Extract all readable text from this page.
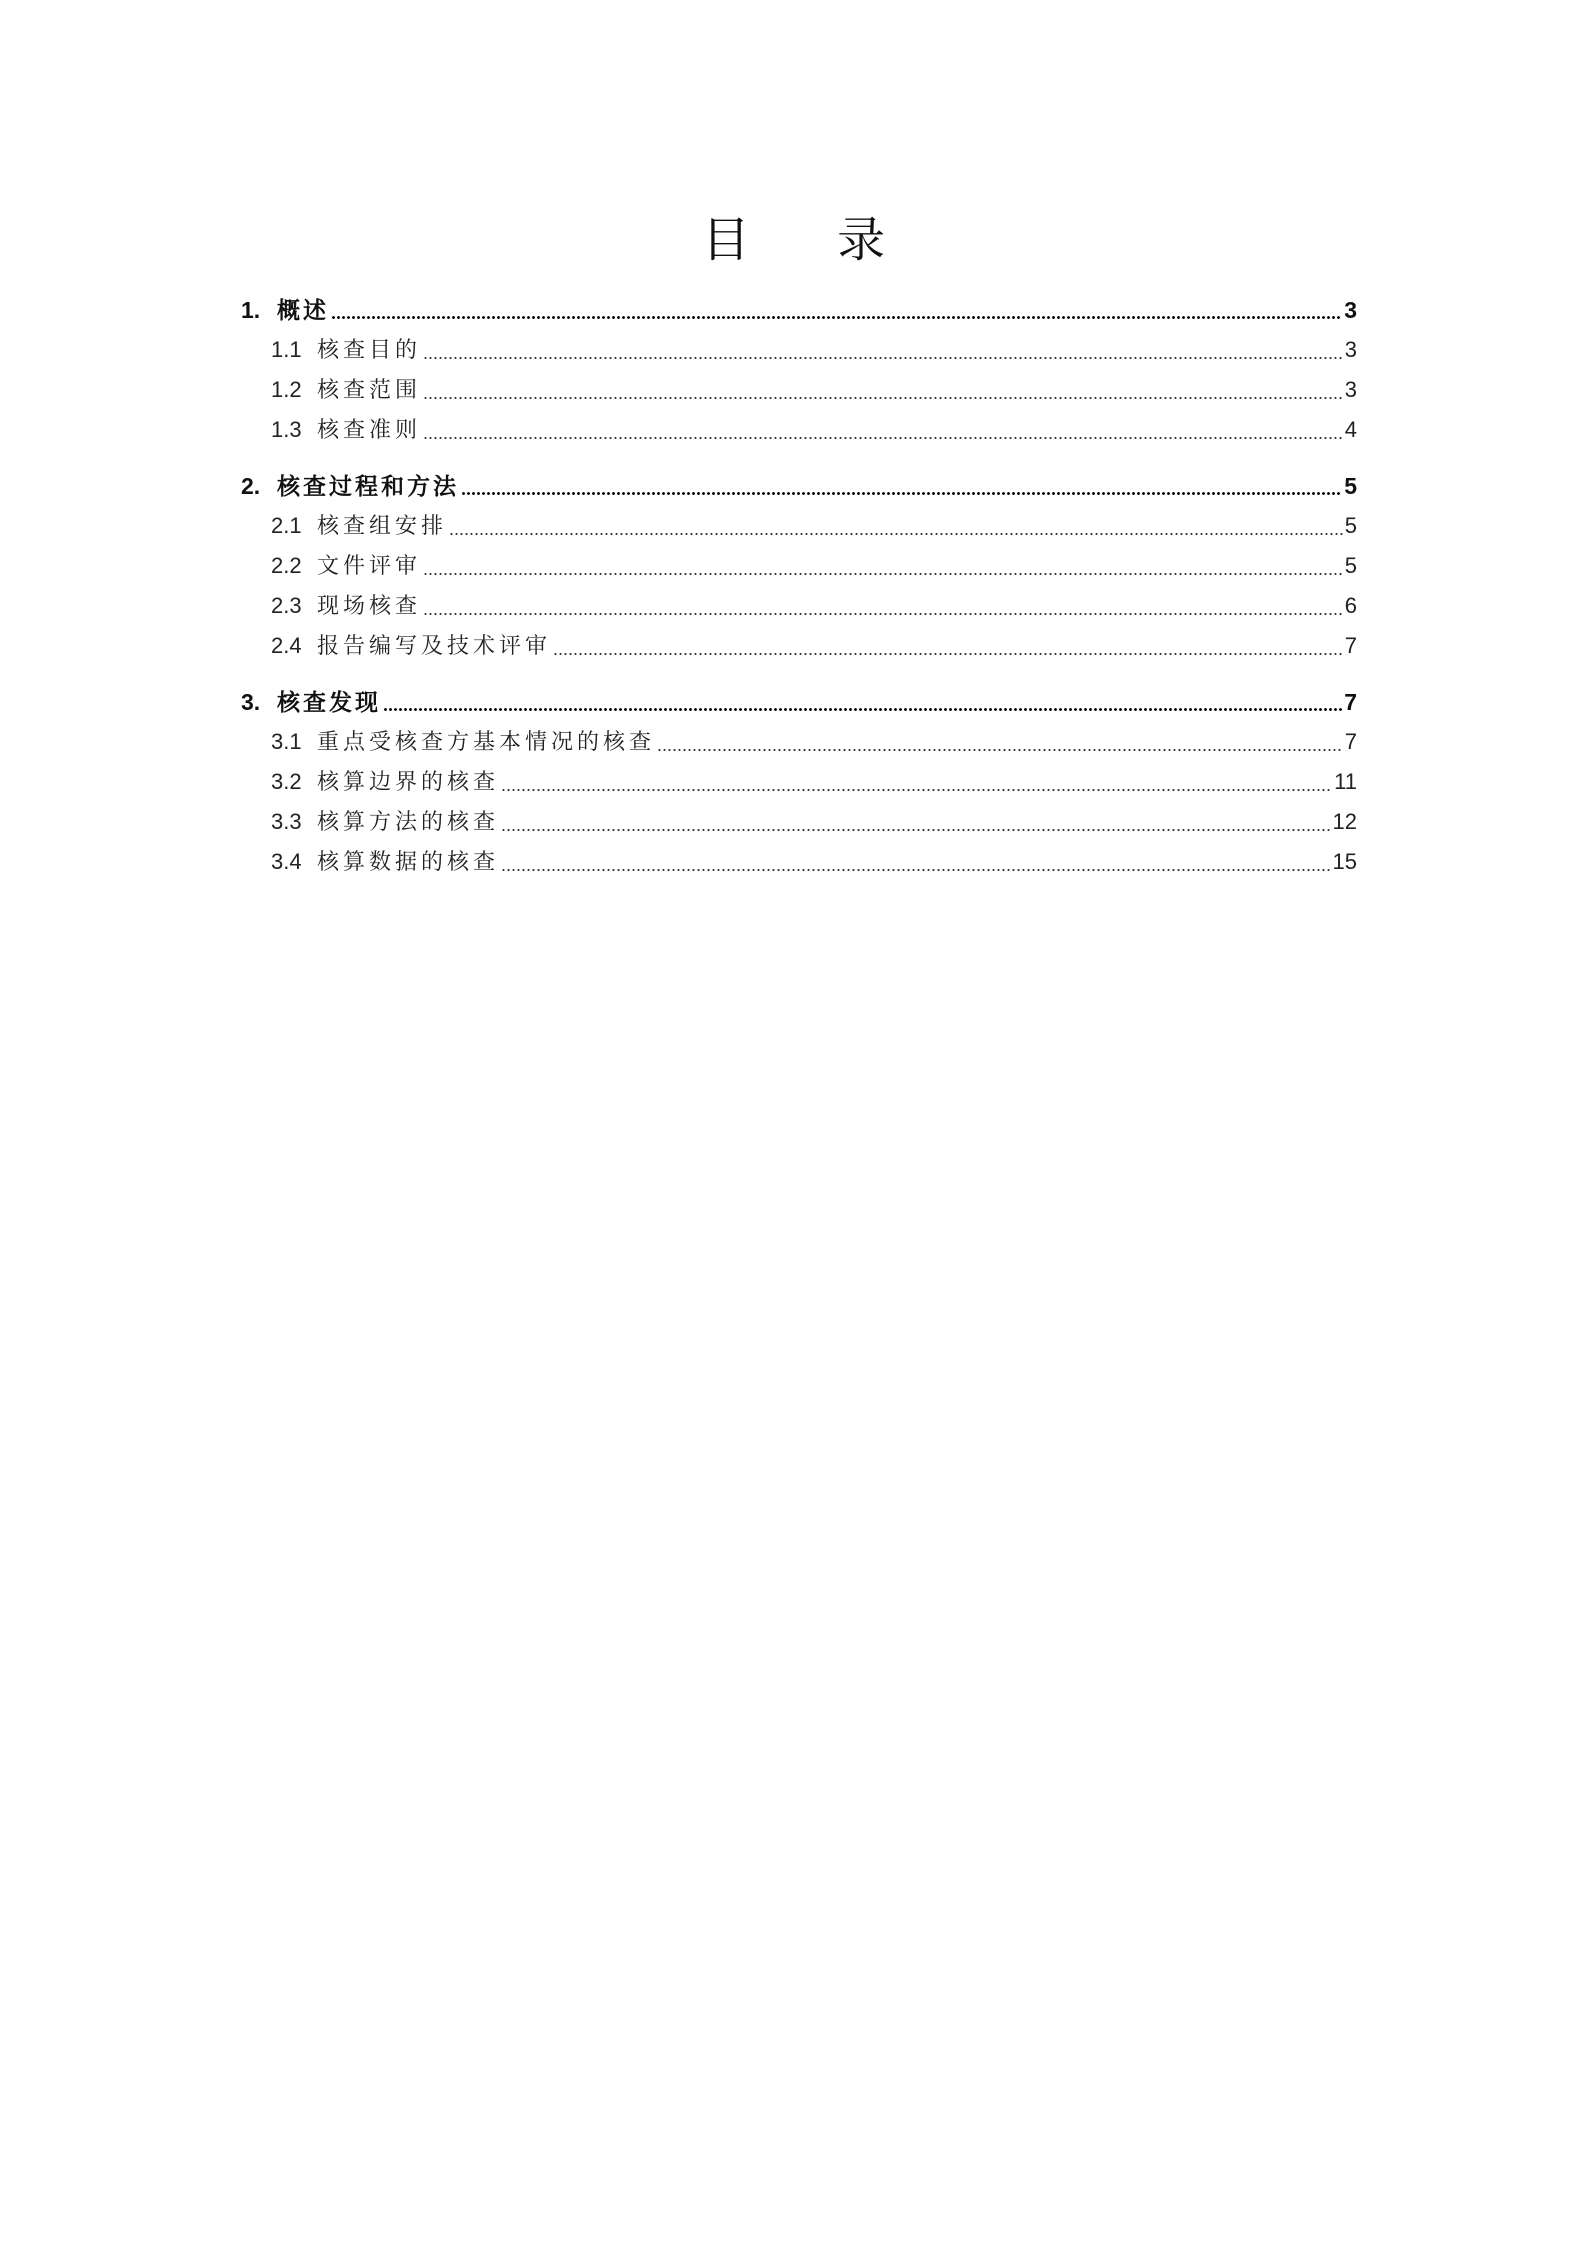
目 录
1. 概述	3
1.1 核查目的	3
1.2 核查范围	3
1.3 核查准则	4
2. 核查过程和方法	5
2.1 核查组安排	5
2.2 文件评审	5
2.3 现场核查	6
2.4 报告编写及技术评审	7
3. 核查发现	7
3.1 重点受核查方基本情况的核查	7
3.2 核算边界的核查	11
3.3 核算方法的核查	12
3.4 核算数据的核查	15
